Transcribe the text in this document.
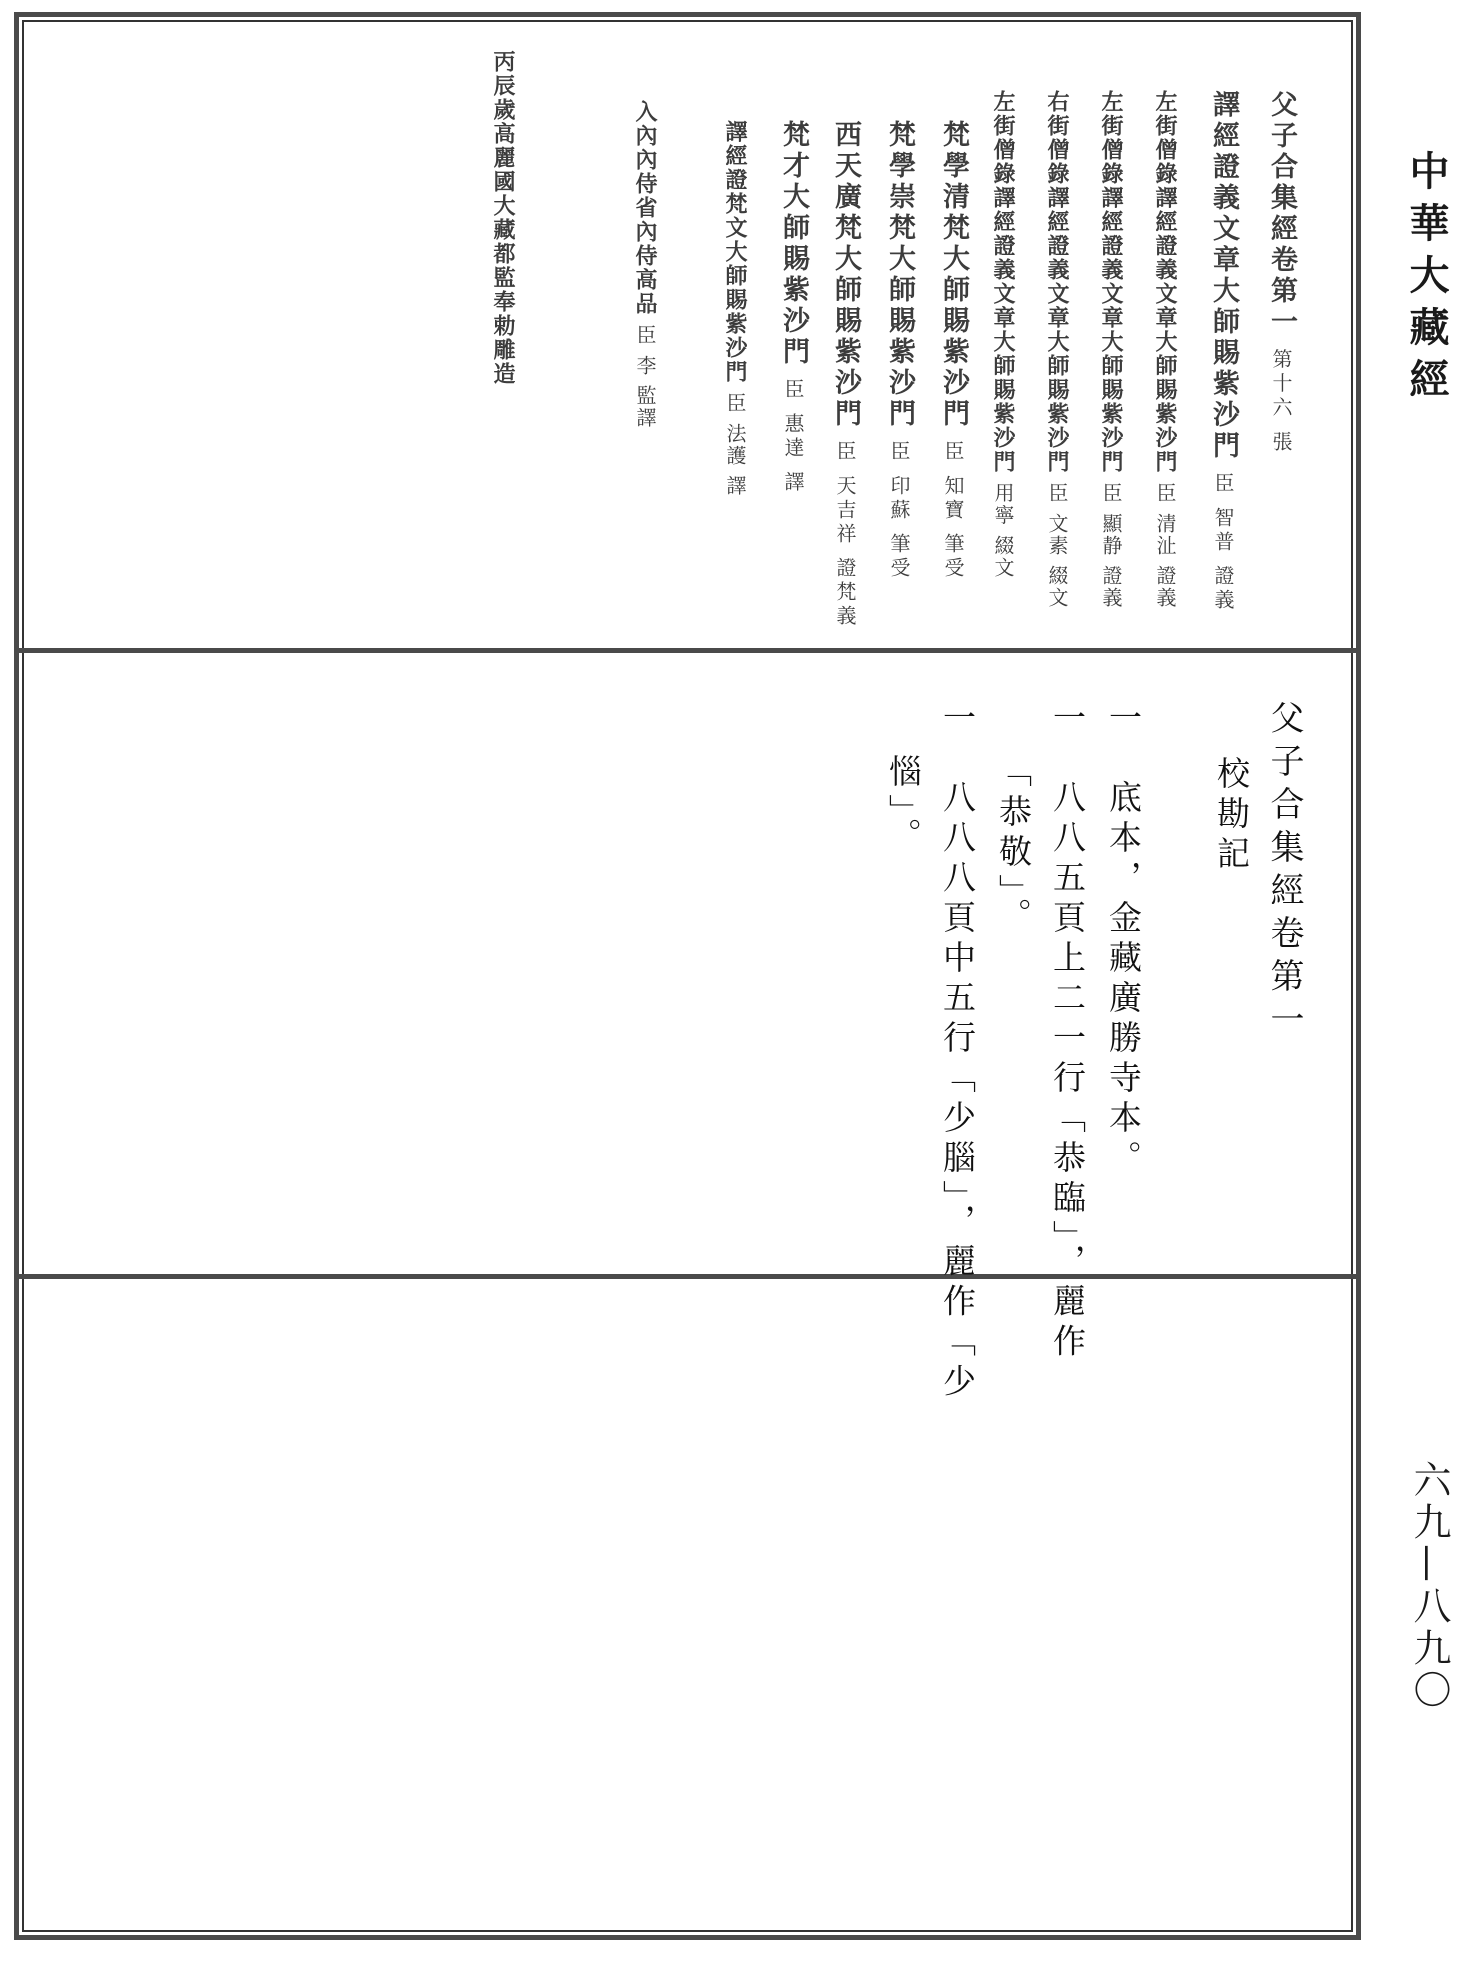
中華大藏經
六九—八九〇
父子合集經卷第一 第十六 張
譯經證義文章大師賜紫沙門 臣 智普 證義
左街僧錄譯經證義文章大師賜紫沙門 臣 清沚 證義
左街僧錄譯經證義文章大師賜紫沙門 臣 顯静 證義
右街僧錄譯經證義文章大師賜紫沙門 臣 文素 綴文
左街僧錄譯經證義文章大師賜紫沙門 用寧 綴文
梵學清梵大師賜紫沙門 臣 知寶 筆受
梵學崇梵大師賜紫沙門 臣 印蘇 筆受
西天廣梵大師賜紫沙門 臣 天吉祥 證梵義
梵才大師賜紫沙門 臣 惠達 譯
譯經證梵文大師賜紫沙門 臣 法護 譯
入內內侍省內侍高品 臣 李 監譯
丙辰歲高麗國大藏都監奉勅雕造
父子合集經卷第一
校勘記
一　底本，金藏廣勝寺本。
一　八八五頁上二一行「恭臨」，麗作
「恭敬」。
一　八八八頁中五行「少腦」，麗作「少
惱」。
